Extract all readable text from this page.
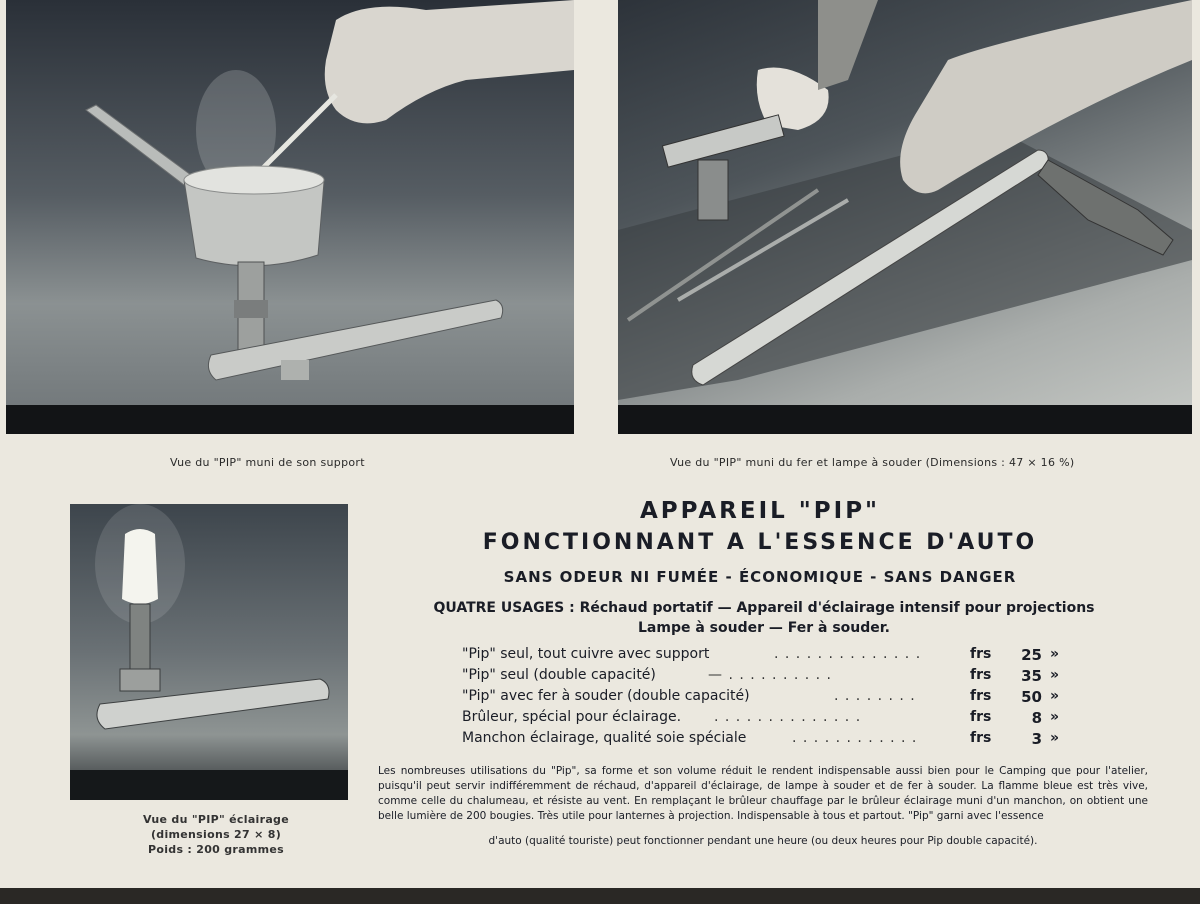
Vue du "PIP" muni de son support	Vue du "PIP" muni du fer et lampe à souder (Dimensions : 47 × 16 %)
Vue du "PIP" éclairage
(dimensions 27 × 8)
Poids : 200 grammes
APPAREIL "PIP"
FONCTIONNANT A L'ESSENCE D'AUTO
SANS ODEUR NI FUMÉE - ÉCONOMIQUE - SANS DANGER
QUATRE USAGES : Réchaud portatif — Appareil d'éclairage intensif pour projections
Lampe à souder — Fer à souder.
"Pip" seul, tout cuivre avec support	. . . . . . . . . . . . . .	frs	25 »
"Pip" seul (double capacité)	— . . . . . . . . . .	frs	35 »
"Pip" avec fer à souder (double capacité)	. . . . . . . .	frs	50 »
Brûleur, spécial pour éclairage. . . . . . . . . . . . . . .	frs	8 »
Manchon éclairage, qualité soie spéciale	. . . . . . . . . . . .	frs	3 »
Les nombreuses utilisations du "Pip", sa forme et son volume réduit le rendent indispensable aussi bien pour le Camping que pour l'atelier, puisqu'il peut servir indifféremment de réchaud, d'appareil d'éclairage, de lampe à souder et de fer à souder. La flamme bleue est très vive, comme celle du chalumeau, et résiste au vent. En remplaçant le brûleur chauffage par le brûleur éclairage muni d'un manchon, on obtient une belle lumière de 200 bougies. Très utile pour lanternes à projection. Indispensable à tous et partout. "Pip" garni avec l'essence
d'auto (qualité touriste) peut fonctionner pendant une heure (ou deux heures pour Pip double capacité).
